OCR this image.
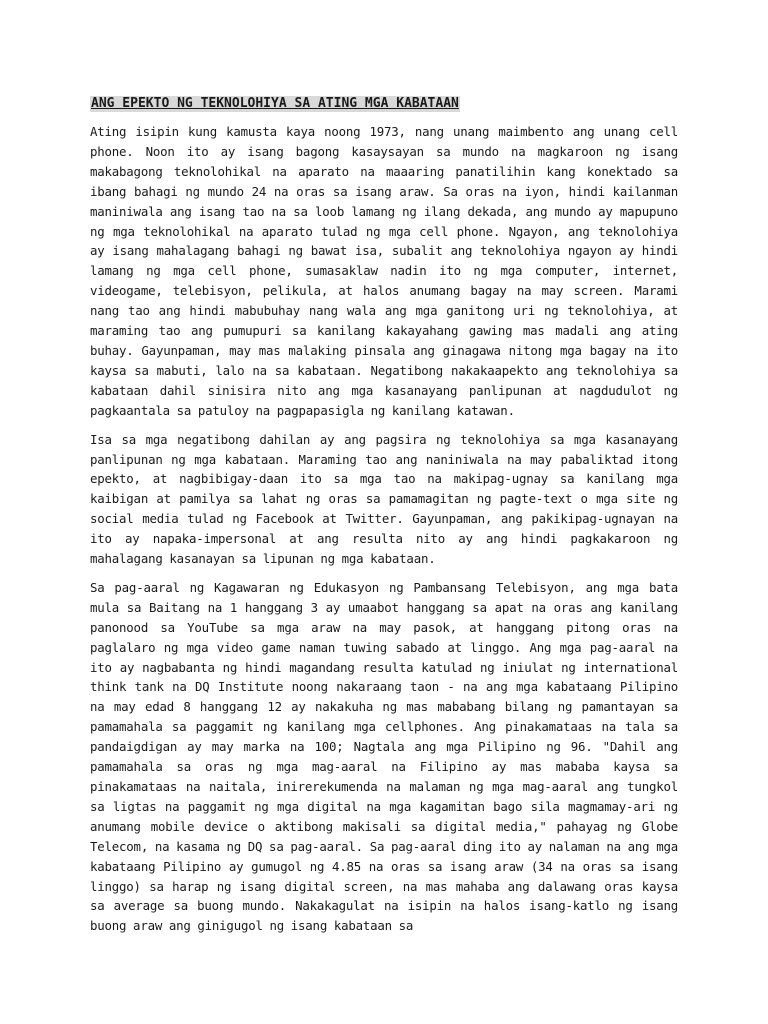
ANG EPEKTO NG TEKNOLOHIYA SA ATING MGA KABATAAN

Ating isipin kung kamusta kaya noong 1973, nang unang maimbento ang unang cell phone. Noon ito ay isang bagong kasaysayan sa mundo na magkaroon ng isang makabagong teknolohikal na aparato na maaaring panatilihin kang konektado sa ibang bahagi ng mundo 24 na oras sa isang araw. Sa oras na iyon, hindi kailanman maniniwala ang isang tao na sa loob lamang ng ilang dekada, ang mundo ay mapupuno ng mga teknolohikal na aparato tulad ng mga cell phone. Ngayon, ang teknolohiya ay isang mahalagang bahagi ng bawat isa, subalit ang teknolohiya ngayon ay hindi lamang ng mga cell phone, sumasaklaw nadin ito ng mga computer, internet, videogame, telebisyon, pelikula, at halos anumang bagay na may screen. Marami nang tao ang hindi mabubuhay nang wala ang mga ganitong uri ng teknolohiya, at maraming tao ang pumupuri sa kanilang kakayahang gawing mas madali ang ating buhay. Gayunpaman, may mas malaking pinsala ang ginagawa nitong mga bagay na ito kaysa sa mabuti, lalo na sa kabataan. Negatibong nakakaapekto ang teknolohiya sa kabataan dahil sinisira nito ang mga kasanayang panlipunan at nagdudulot ng pagkaantala sa patuloy na pagpapasigla ng kanilang katawan.

Isa sa mga negatibong dahilan ay ang pagsira ng teknolohiya sa mga kasanayang panlipunan ng mga kabataan. Maraming tao ang naniniwala na may pabaliktad itong epekto, at nagbibigay-daan ito sa mga tao na makipag-ugnay sa kanilang mga kaibigan at pamilya sa lahat ng oras sa pamamagitan ng pagte-text o mga site ng social media tulad ng Facebook at Twitter. Gayunpaman, ang pakikipag-ugnayan na ito ay napaka-impersonal at ang resulta nito ay ang hindi pagkakaroon ng mahalagang kasanayan sa lipunan ng mga kabataan.

Sa pag-aaral ng Kagawaran ng Edukasyon ng Pambansang Telebisyon, ang mga bata mula sa Baitang na 1 hanggang 3 ay umaabot hanggang sa apat na oras ang kanilang panonood sa YouTube sa mga araw na may pasok, at hanggang pitong oras na paglalaro ng mga video game naman tuwing sabado at linggo. Ang mga pag-aaral na ito ay nagbabanta ng hindi magandang resulta katulad ng iniulat ng international think tank na DQ Institute noong nakaraang taon - na ang mga kabataang Pilipino na may edad 8 hanggang 12 ay nakakuha ng mas mababang bilang ng pamantayan sa pamamahala sa paggamit ng kanilang mga cellphones. Ang pinakamataas na tala sa pandaigdigan ay may marka na 100; Nagtala ang mga Pilipino ng 96. "Dahil ang pamamahala sa oras ng mga mag-aaral na Filipino ay mas mababa kaysa sa pinakamataas na naitala, inirerekumenda na malaman ng mga mag-aaral ang tungkol sa ligtas na paggamit ng mga digital na mga kagamitan bago sila magmamay-ari ng anumang mobile device o aktibong makisali sa digital media," pahayag ng Globe Telecom, na kasama ng DQ sa pag-aaral. Sa pag-aaral ding ito ay nalaman na ang mga kabataang Pilipino ay gumugol ng 4.85 na oras sa isang araw (34 na oras sa isang linggo) sa harap ng isang digital screen, na mas mahaba ang dalawang oras kaysa sa average sa buong mundo. Nakakagulat na isipin na halos isang-katlo ng isang buong araw ang ginigugol ng isang kabataan sa
